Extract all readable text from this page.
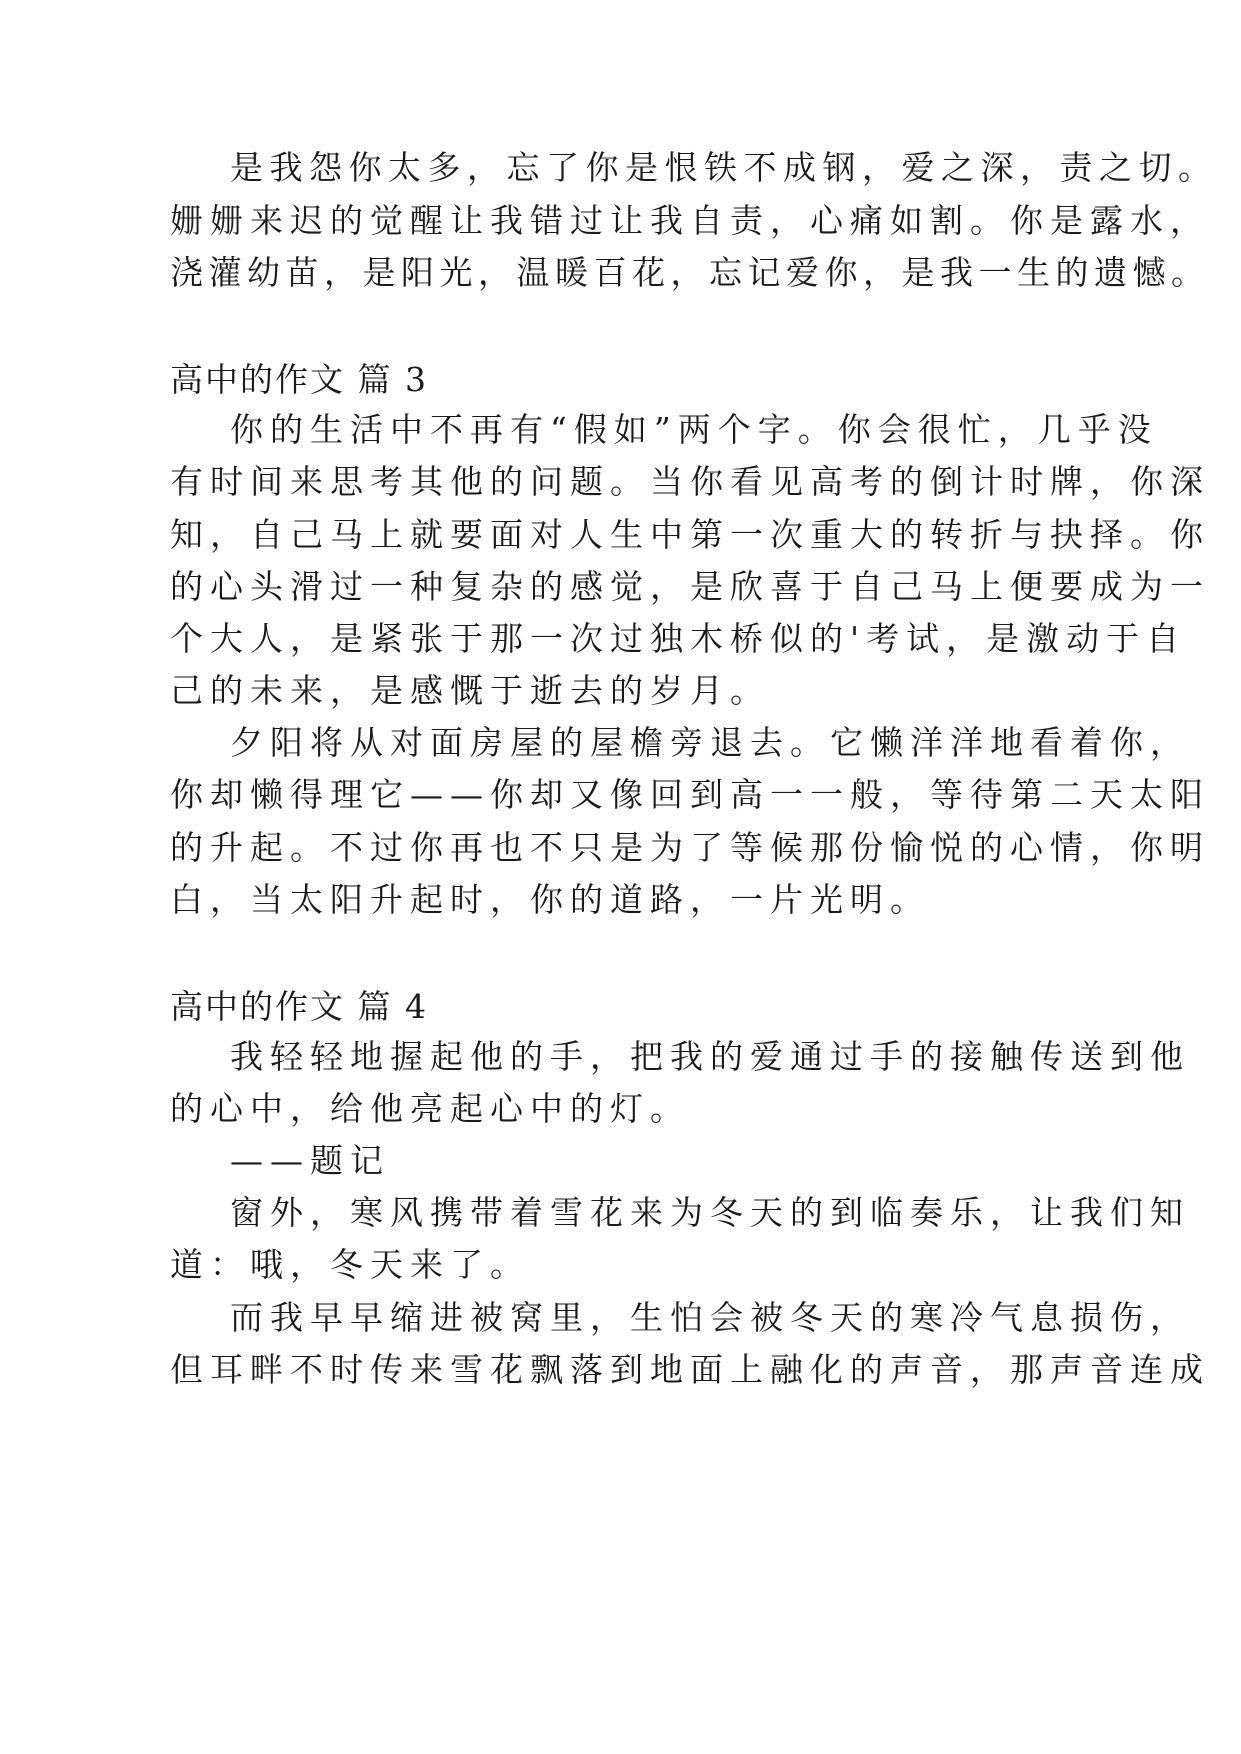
是我怨你太多，忘了你是恨铁不成钢，爱之深，责之切。
姗姗来迟的觉醒让我错过让我自责，心痛如割。你是露水，
浇灌幼苗，是阳光，温暖百花，忘记爱你，是我一生的遗憾。
高中的作文 篇 3
你的生活中不再有“假如”两个字。你会很忙，几乎没
有时间来思考其他的问题。当你看见高考的倒计时牌，你深
知，自己马上就要面对人生中第一次重大的转折与抉择。你
的心头滑过一种复杂的感觉，是欣喜于自己马上便要成为一
个大人，是紧张于那一次过独木桥似的'考试，是激动于自
己的未来，是感慨于逝去的岁月。
夕阳将从对面房屋的屋檐旁退去。它懒洋洋地看着你，
你却懒得理它——你却又像回到高一一般，等待第二天太阳
的升起。不过你再也不只是为了等候那份愉悦的心情，你明
白，当太阳升起时，你的道路，一片光明。
高中的作文 篇 4
我轻轻地握起他的手，把我的爱通过手的接触传送到他
的心中，给他亮起心中的灯。
——题记
窗外，寒风携带着雪花来为冬天的到临奏乐，让我们知
道：哦，冬天来了。
而我早早缩进被窝里，生怕会被冬天的寒冷气息损伤，
但耳畔不时传来雪花飘落到地面上融化的声音，那声音连成
